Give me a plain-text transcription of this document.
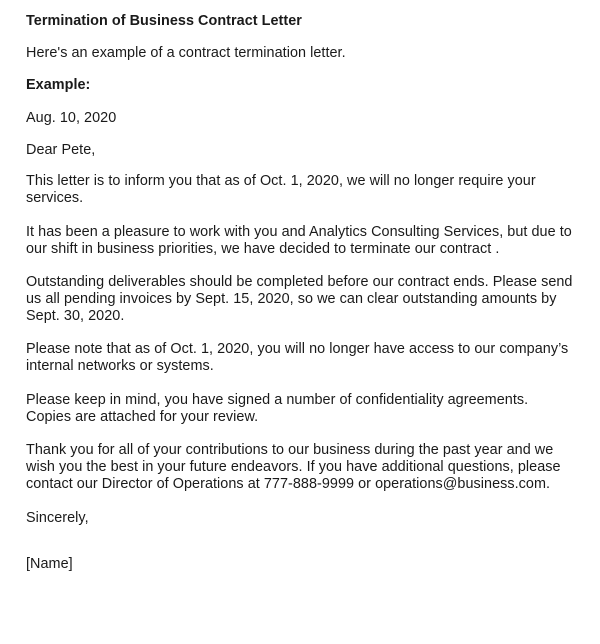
Termination of Business Contract Letter

Here's an example of a contract termination letter.

Example:

Aug. 10, 2020

Dear Pete,

This letter is to inform you that as of Oct. 1, 2020, we will no longer require your services.

It has been a pleasure to work with you and Analytics Consulting Services, but due to our shift in business priorities, we have decided to terminate our contract .

Outstanding deliverables should be completed before our contract ends. Please send us all pending invoices by Sept. 15, 2020, so we can clear outstanding amounts by Sept. 30, 2020.

Please note that as of Oct. 1, 2020, you will no longer have access to our company’s internal networks or systems.

Please keep in mind, you have signed a number of confidentiality agreements. Copies are attached for your review.

Thank you for all of your contributions to our business during the past year and we wish you the best in your future endeavors. If you have additional questions, please contact our Director of Operations at 777-888-9999 or operations@business.com.

Sincerely,

[Name]
